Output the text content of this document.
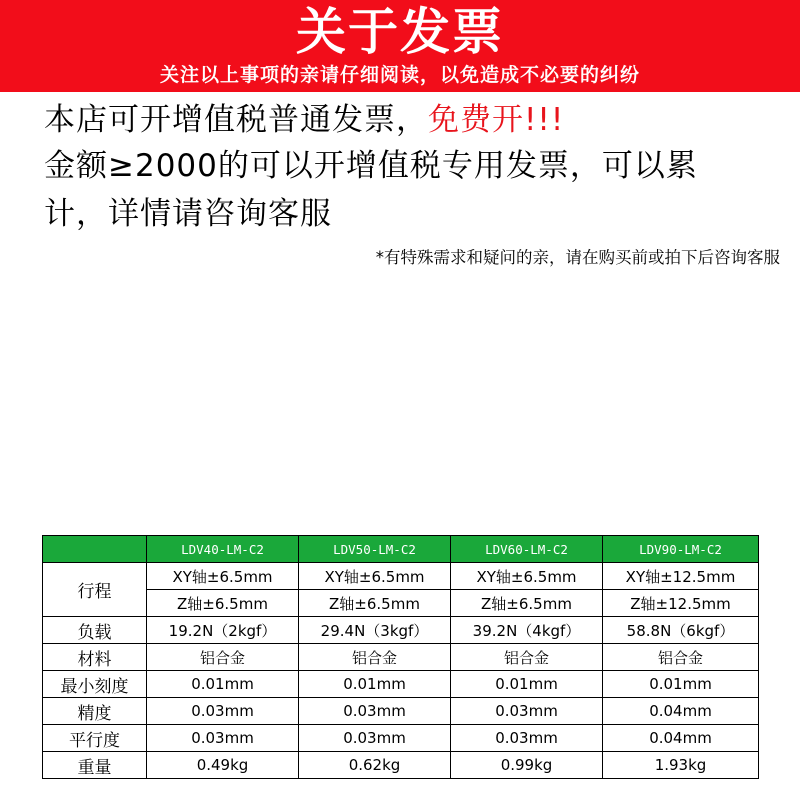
关于发票
关注以上事项的亲请仔细阅读，以免造成不必要的纠纷
本店可开增值税普通发票，免费开!!!
金额≥2000的可以开增值税专用发票，可以累
计，详情请咨询客服
*有特殊需求和疑问的亲，请在购买前或拍下后咨询客服
	LDV40-LM-C2	LDV50-LM-C2	LDV60-LM-C2	LDV90-LM-C2
行程	XY轴±6.5mm	XY轴±6.5mm	XY轴±6.5mm	XY轴±12.5mm
	Z轴±6.5mm	Z轴±6.5mm	Z轴±6.5mm	Z轴±12.5mm
负载	19.2N（2kgf）	29.4N（3kgf）	39.2N（4kgf）	58.8N（6kgf）
材料	铝合金	铝合金	铝合金	铝合金
最小刻度	0.01mm	0.01mm	0.01mm	0.01mm
精度	0.03mm	0.03mm	0.03mm	0.04mm
平行度	0.03mm	0.03mm	0.03mm	0.04mm
重量	0.49kg	0.62kg	0.99kg	1.93kg
